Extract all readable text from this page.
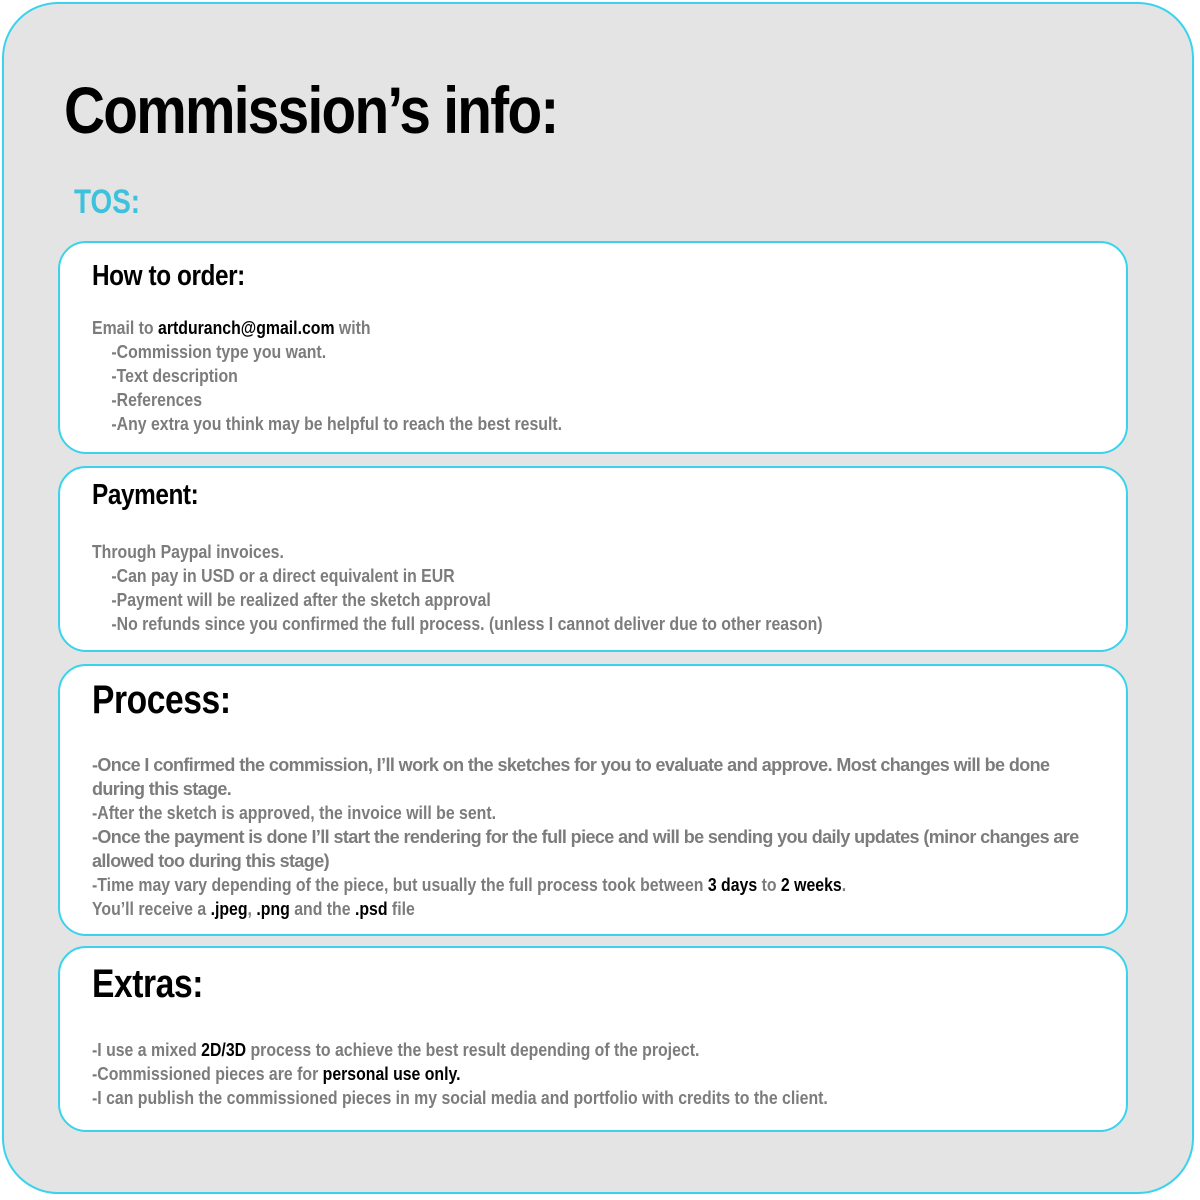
Commission’s info:
TOS:
How to order:
Email to artduranch@gmail.com with
-Commission type you want.
-Text description
-References
-Any extra you think may be helpful to reach the best result.
Payment:
Through Paypal invoices.
-Can pay in USD or a direct equivalent in EUR
-Payment will be realized after the sketch approval
-No refunds since you confirmed the full process. (unless I cannot deliver due to other reason)
Process:
-Once I confirmed the commission, I’ll work on the sketches for you to evaluate and approve. Most changes will be done during this stage.
-After the sketch is approved, the invoice will be sent.
-Once the payment is done I’ll start the rendering for the full piece and will be sending you daily updates (minor changes are allowed too during this stage)
-Time may vary depending of the piece, but usually the full process took between 3 days to 2 weeks.
You’ll receive a .jpeg, .png and the .psd file
Extras:
-I use a mixed 2D/3D process to achieve the best result depending of the project.
-Commissioned pieces are for personal use only.
-I can publish the commissioned pieces in my social media and portfolio with credits to the client.
